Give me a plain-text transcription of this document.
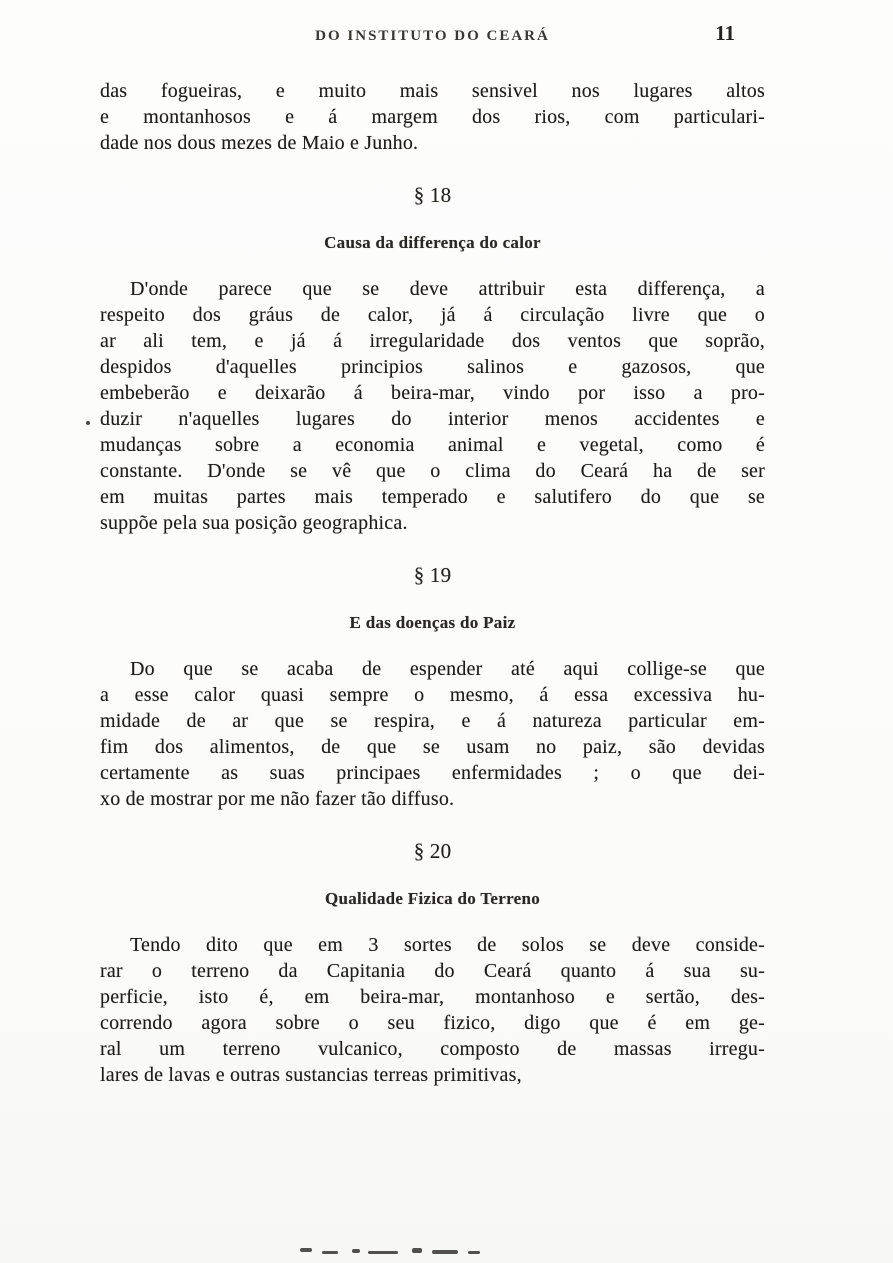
DO INSTITUTO DO CEARÁ	11
das fogueiras, e muito mais sensivel nos lugares altos
e montanhosos e á margem dos rios, com particulari-
dade nos dous mezes de Maio e Junho.
§ 18
Causa da differença do calor
D'onde parece que se deve attribuir esta differença, a
respeito dos gráus de calor, já á circulação livre que o
ar ali tem, e já á irregularidade dos ventos que soprão,
despidos d'aquelles principios salinos e gazosos, que
embeberão e deixarão á beira-mar, vindo por isso a pro-
duzir n'aquelles lugares do interior menos accidentes e
mudanças sobre a economia animal e vegetal, como é
constante. D'onde se vê que o clima do Ceará ha de ser
em muitas partes mais temperado e salutifero do que se
suppõe pela sua posição geographica.
§ 19
E das doenças do Paiz
Do que se acaba de espender até aqui collige-se que
a esse calor quasi sempre o mesmo, á essa excessiva hu-
midade de ar que se respira, e á natureza particular em-
fim dos alimentos, de que se usam no paiz, são devidas
certamente as suas principaes enfermidades ; o que dei-
xo de mostrar por me não fazer tão diffuso.
§ 20
Qualidade Fizica do Terreno
Tendo dito que em 3 sortes de solos se deve conside-
rar o terreno da Capitania do Ceará quanto á sua su-
perficie, isto é, em beira-mar, montanhoso e sertão, des-
correndo agora sobre o seu fizico, digo que é em ge-
ral um terreno vulcanico, composto de massas irregu-
lares de lavas e outras sustancias terreas primitivas,
